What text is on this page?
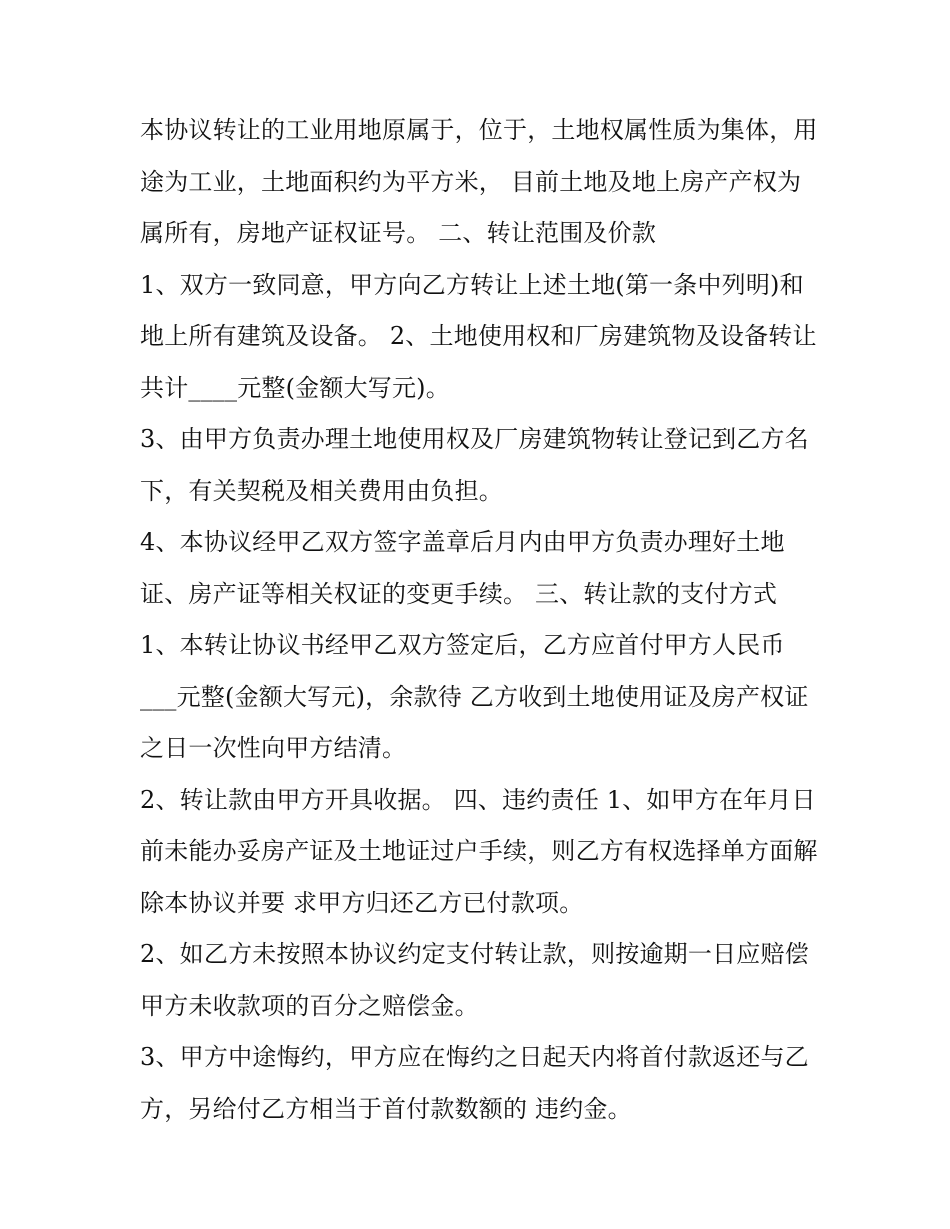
本协议转让的工业用地原属于，位于，土地权属性质为集体，用途为工业，土地面积约为平方米， 目前土地及地上房产产权为属所有，房地产证权证号。 二、转让范围及价款

1、双方一致同意，甲方向乙方转让上述土地(第一条中列明)和地上所有建筑及设备。 2、土地使用权和厂房建筑物及设备转让共计____元整(金额大写元)。

3、由甲方负责办理土地使用权及厂房建筑物转让登记到乙方名下，有关契税及相关费用由负担。

4、本协议经甲乙双方签字盖章后月内由甲方负责办理好土地证、房产证等相关权证的变更手续。 三、转让款的支付方式

1、本转让协议书经甲乙双方签定后，乙方应首付甲方人民币___元整(金额大写元)，余款待 乙方收到土地使用证及房产权证之日一次性向甲方结清。

2、转让款由甲方开具收据。 四、违约责任 1、如甲方在年月日前未能办妥房产证及土地证过户手续，则乙方有权选择单方面解除本协议并要 求甲方归还乙方已付款项。

2、如乙方未按照本协议约定支付转让款，则按逾期一日应赔偿甲方未收款项的百分之赔偿金。

3、甲方中途悔约，甲方应在悔约之日起天内将首付款返还与乙方，另给付乙方相当于首付款数额的 违约金。
